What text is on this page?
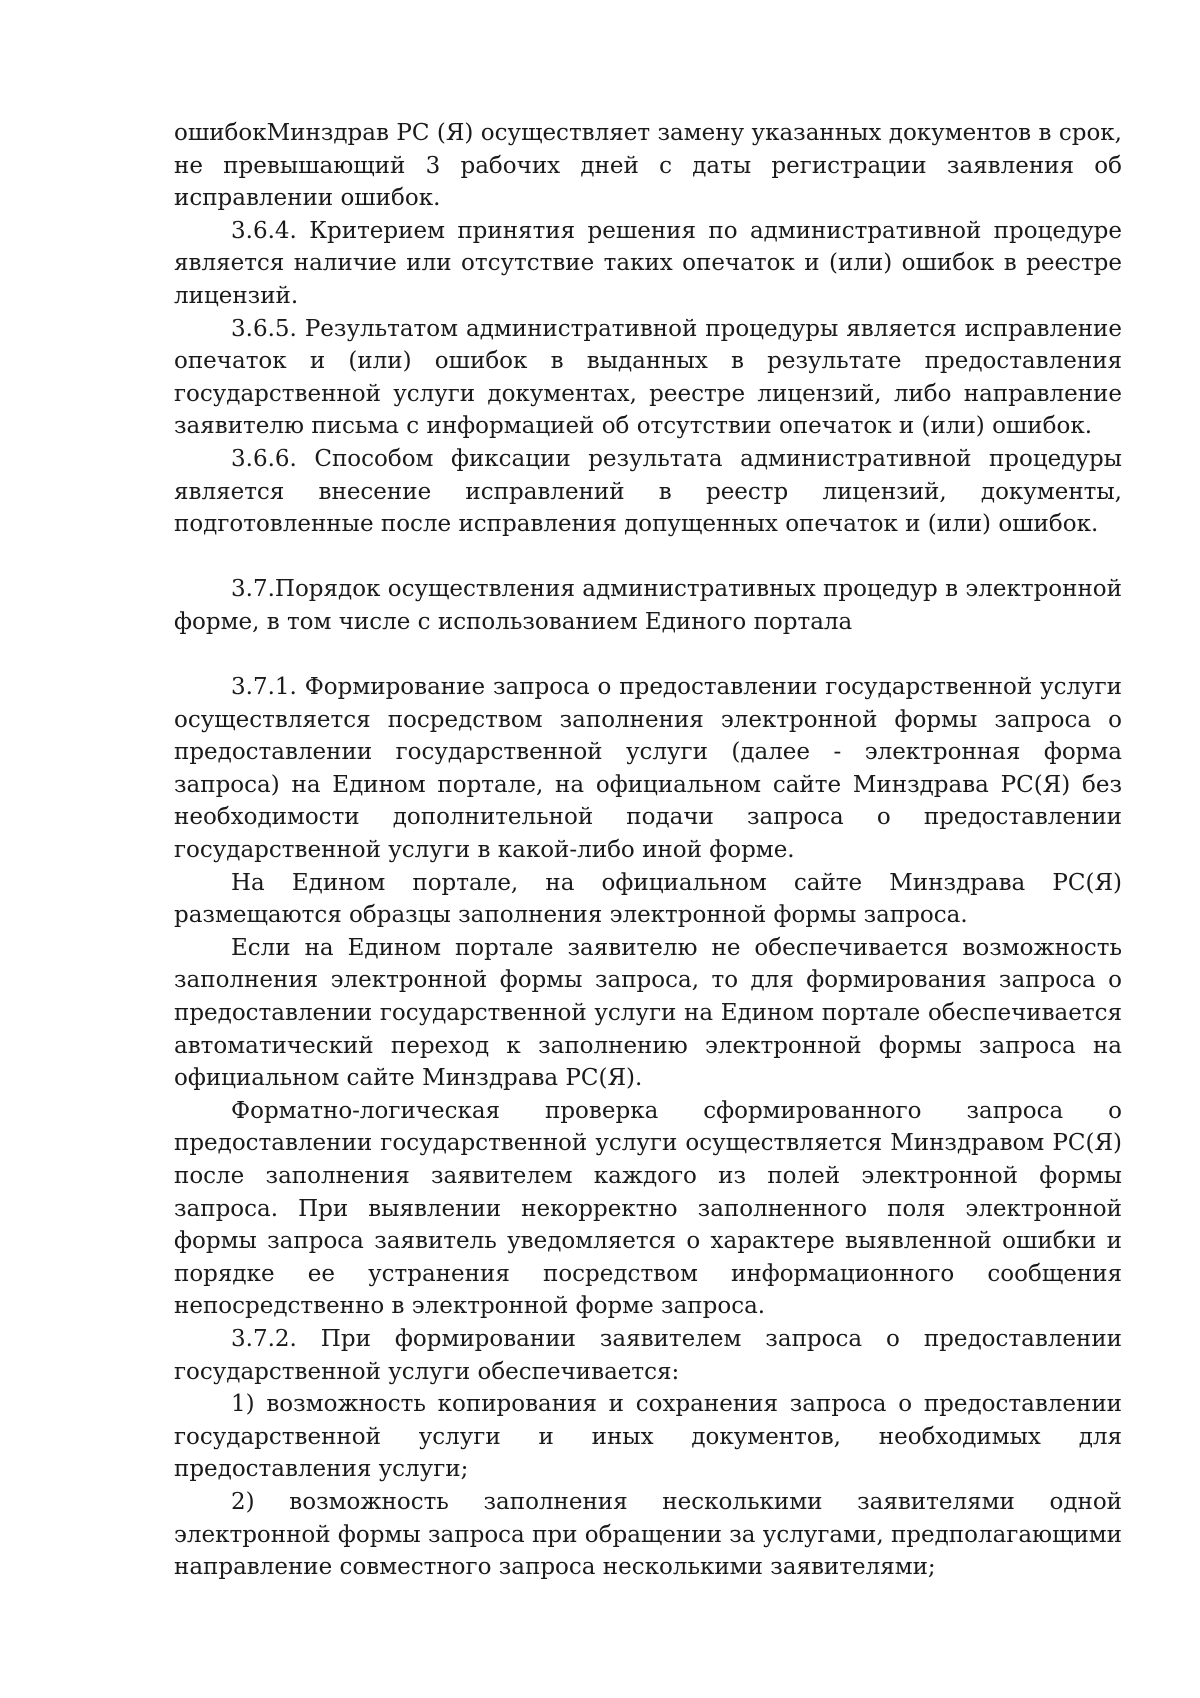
ошибокМинздрав РС (Я) осуществляет замену указанных документов в срок, не превышающий 3 рабочих дней с даты регистрации заявления об исправлении ошибок.

3.6.4. Критерием принятия решения по административной процедуре является наличие или отсутствие таких опечаток и (или) ошибок в реестре лицензий.

3.6.5. Результатом административной процедуры является исправление опечаток и (или) ошибок в выданных в результате предоставления государственной услуги документах, реестре лицензий, либо направление заявителю письма с информацией об отсутствии опечаток и (или) ошибок.

3.6.6. Способом фиксации результата административной процедуры является внесение исправлений в реестр лицензий, документы, подготовленные после исправления допущенных опечаток и (или) ошибок.

3.7.Порядок осуществления административных процедур в электронной форме, в том числе с использованием Единого портала

3.7.1. Формирование запроса о предоставлении государственной услуги осуществляется посредством заполнения электронной формы запроса о предоставлении государственной услуги (далее - электронная форма запроса) на Едином портале, на официальном сайте Минздрава РС(Я) без необходимости дополнительной подачи запроса о предоставлении государственной услуги в какой-либо иной форме.

На Едином портале, на официальном сайте Минздрава РС(Я) размещаются образцы заполнения электронной формы запроса.

Если на Едином портале заявителю не обеспечивается возможность заполнения электронной формы запроса, то для формирования запроса о предоставлении государственной услуги на Едином портале обеспечивается автоматический переход к заполнению электронной формы запроса на официальном сайте Минздрава РС(Я).

Форматно-логическая проверка сформированного запроса о предоставлении государственной услуги осуществляется Минздравом РС(Я) после заполнения заявителем каждого из полей электронной формы запроса. При выявлении некорректно заполненного поля электронной формы запроса заявитель уведомляется о характере выявленной ошибки и порядке ее устранения посредством информационного сообщения непосредственно в электронной форме запроса.

3.7.2. При формировании заявителем запроса о предоставлении государственной услуги обеспечивается:

1) возможность копирования и сохранения запроса о предоставлении государственной услуги и иных документов, необходимых для предоставления услуги;

2) возможность заполнения несколькими заявителями одной электронной формы запроса при обращении за услугами, предполагающими направление совместного запроса несколькими заявителями;
